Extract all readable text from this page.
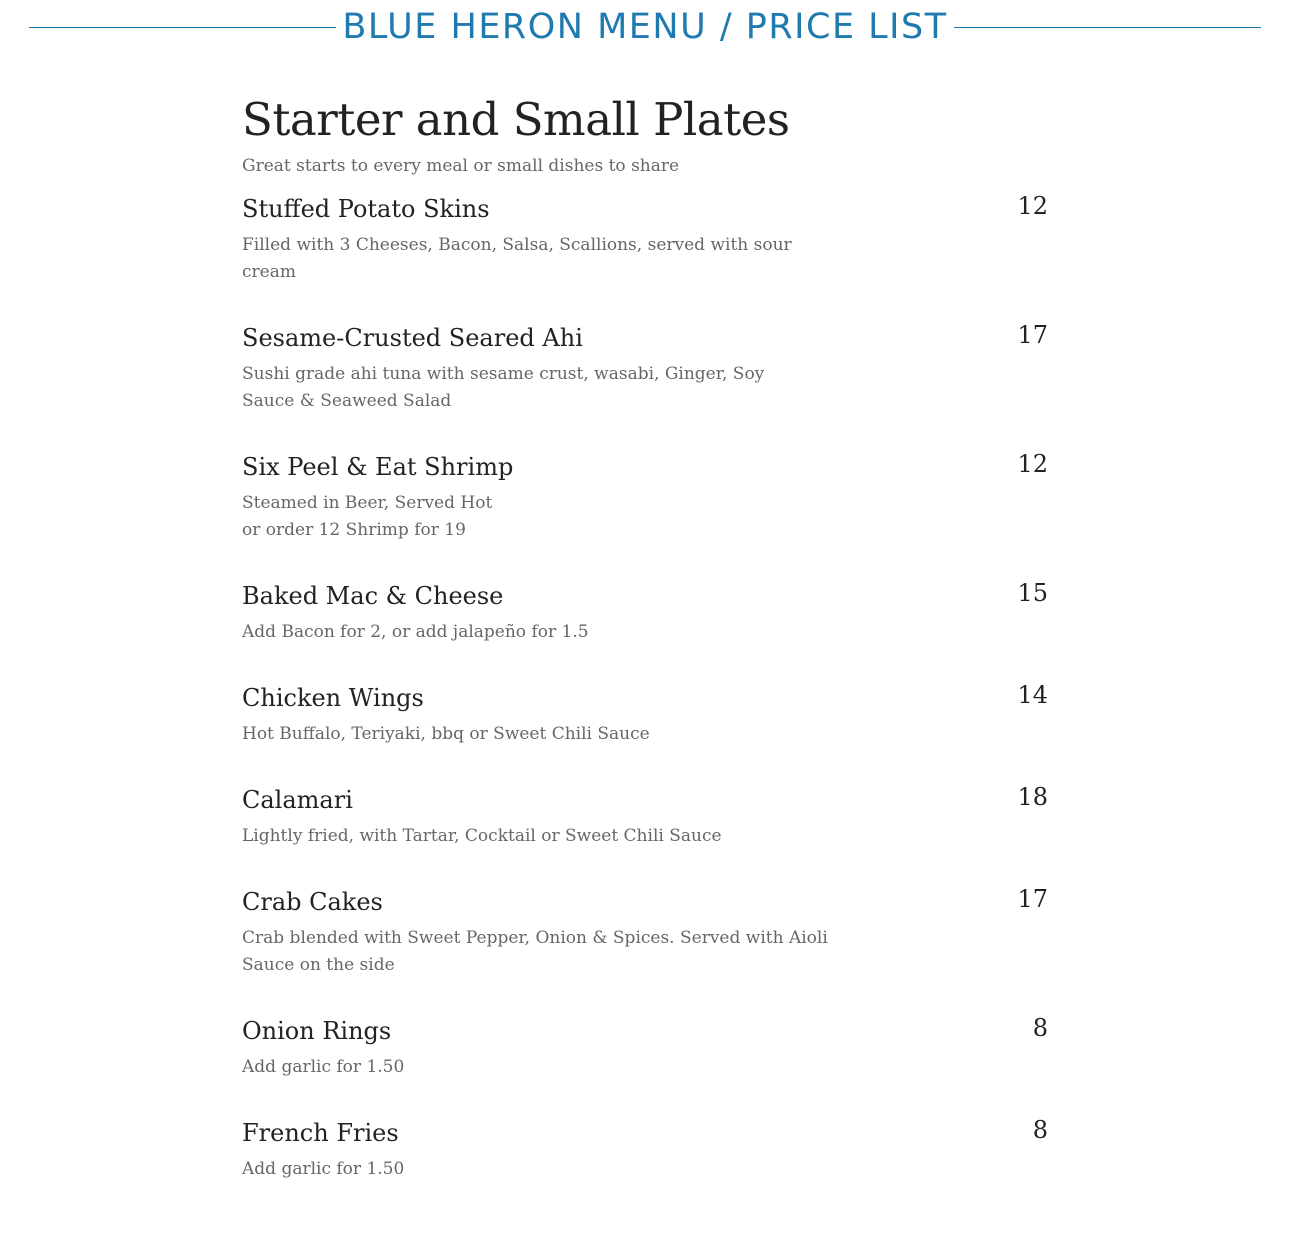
BLUE HERON MENU / PRICE LIST
Starter and Small Plates

Great starts to every meal or small dishes to share

Stuffed Potato Skins	12

Filled with 3 Cheeses, Bacon, Salsa, Scallions, served with sour cream

Sesame-Crusted Seared Ahi	17

Sushi grade ahi tuna with sesame crust, wasabi, Ginger, Soy Sauce & Seaweed Salad

Six Peel & Eat Shrimp	12

Steamed in Beer, Served Hot
or order 12 Shrimp for 19

Baked Mac & Cheese	15

Add Bacon for 2, or add jalapeño for 1.5

Chicken Wings	14

Hot Buffalo, Teriyaki, bbq or Sweet Chili Sauce

Calamari	18

Lightly fried, with Tartar, Cocktail or Sweet Chili Sauce

Crab Cakes	17

Crab blended with Sweet Pepper, Onion & Spices. Served with Aioli Sauce on the side

Onion Rings	8

Add garlic for 1.50

French Fries	8

Add garlic for 1.50
